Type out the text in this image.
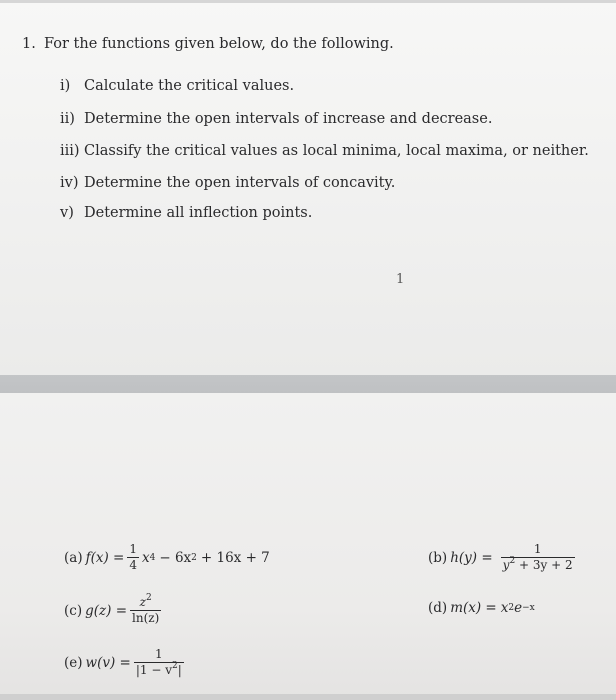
1. For the functions given below, do the following.
i) Calculate the critical values.
ii) Determine the open intervals of increase and decrease.
iii) Classify the critical values as local minima, local maxima, or neither.
iv) Determine the open intervals of concavity.
v) Determine all inflection points.
1
(a) $f(x) = \frac{1}{4}$ x 4 − 6x 2 + 16x + 7	(b) $h(y) = \frac{1}{y^2 + 3y + 2}$
(c) $g(z) = \frac{z^2}{\ln(z)}$	(d) m(x) = x 2 e −x
(e) $w(v) = \frac{1}{|1 - v^2|}$
